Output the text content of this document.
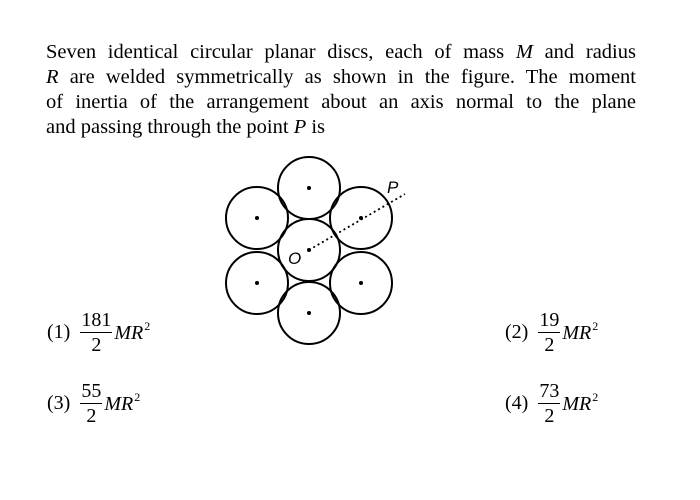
Seven identical circular planar discs, each of mass M and radius
R are welded symmetrically as shown in the figure. The moment
of inertia of the arrangement about an axis normal to the plane
and passing through the point P is

O
P
$(1) \frac{181}{2} MR^2$	$(2) \frac{19}{2} MR^2$
$(3) \frac{55}{2} MR^2$	$(4) \frac{73}{2} MR^2$
